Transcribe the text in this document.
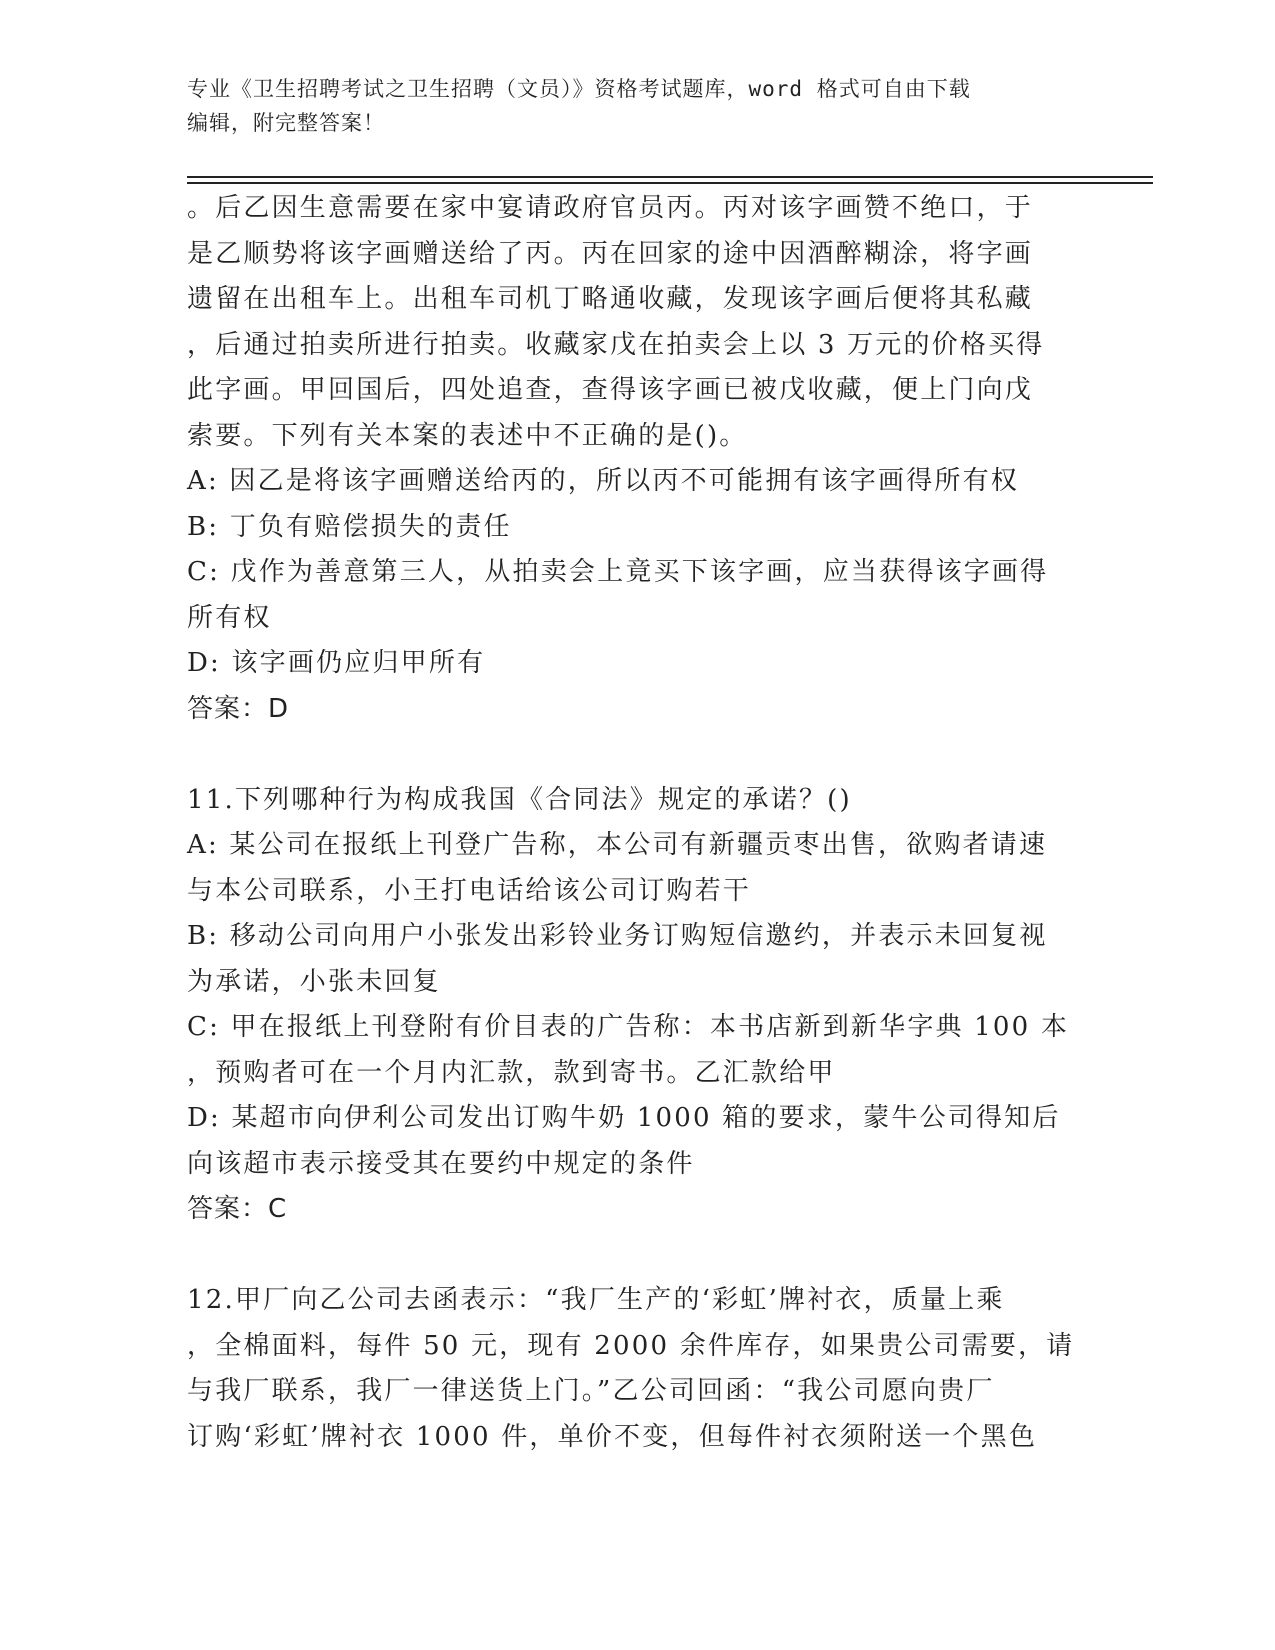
专业《卫生招聘考试之卫生招聘（文员）》资格考试题库，word 格式可自由下载
编辑，附完整答案！
。后乙因生意需要在家中宴请政府官员丙。丙对该字画赞不绝口，于
是乙顺势将该字画赠送给了丙。丙在回家的途中因酒醉糊涂，将字画
遗留在出租车上。出租车司机丁略通收藏，发现该字画后便将其私藏
，后通过拍卖所进行拍卖。收藏家戊在拍卖会上以 3 万元的价格买得
此字画。甲回国后，四处追查，查得该字画已被戊收藏，便上门向戊
索要。下列有关本案的表述中不正确的是()。
A: 因乙是将该字画赠送给丙的，所以丙不可能拥有该字画得所有权
B: 丁负有赔偿损失的责任
C: 戊作为善意第三人，从拍卖会上竟买下该字画，应当获得该字画得
所有权
D: 该字画仍应归甲所有
答案：D
11.下列哪种行为构成我国《合同法》规定的承诺？()
A: 某公司在报纸上刊登广告称，本公司有新疆贡枣出售，欲购者请速
与本公司联系，小王打电话给该公司订购若干
B: 移动公司向用户小张发出彩铃业务订购短信邀约，并表示未回复视
为承诺，小张未回复
C: 甲在报纸上刊登附有价目表的广告称：本书店新到新华字典 100 本
，预购者可在一个月内汇款，款到寄书。乙汇款给甲
D: 某超市向伊利公司发出订购牛奶 1000 箱的要求，蒙牛公司得知后
向该超市表示接受其在要约中规定的条件
答案：C
12.甲厂向乙公司去函表示：“我厂生产的‘彩虹’牌衬衣，质量上乘
，全棉面料，每件 50 元，现有 2000 余件库存，如果贵公司需要，请
与我厂联系，我厂一律送货上门。”乙公司回函：“我公司愿向贵厂
订购‘彩虹’牌衬衣 1000 件，单价不变，但每件衬衣须附送一个黑色
